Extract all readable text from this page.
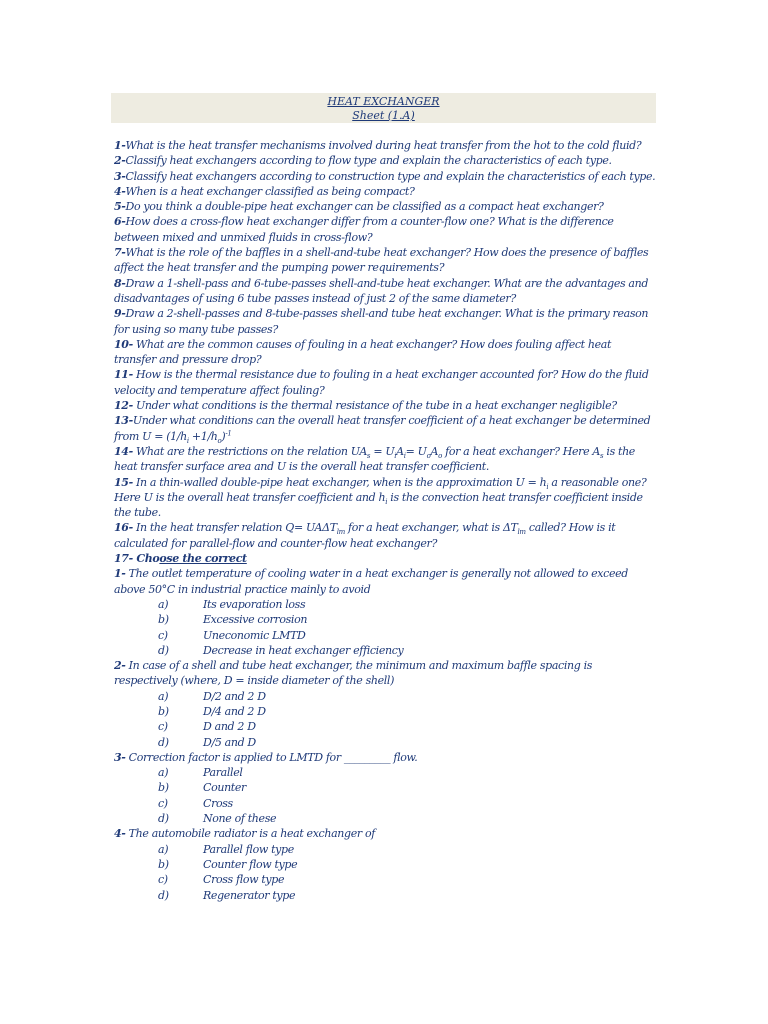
HEAT EXCHANGER
Sheet (1.A)

1-What is the heat transfer mechanisms involved during heat transfer from the hot to the cold fluid?

2-Classify heat exchangers according to flow type and explain the characteristics of each type.

3-Classify heat exchangers according to construction type and explain the characteristics of each type.

4-When is a heat exchanger classified as being compact?

5-Do you think a double-pipe heat exchanger can be classified as a compact heat exchanger?

6-How does a cross-flow heat exchanger differ from a counter-flow one? What is the difference between mixed and unmixed fluids in cross-flow?

7-What is the role of the baffles in a shell-and-tube heat exchanger? How does the presence of baffles affect the heat transfer and the pumping power requirements?

8-Draw a 1-shell-pass and 6-tube-passes shell-and-tube heat exchanger. What are the advantages and disadvantages of using 6 tube passes instead of just 2 of the same diameter?

9-Draw a 2-shell-passes and 8-tube-passes shell-and tube heat exchanger. What is the primary reason for using so many tube passes?

10- What are the common causes of fouling in a heat exchanger? How does fouling affect heat transfer and pressure drop?

11- How is the thermal resistance due to fouling in a heat exchanger accounted for? How do the fluid velocity and temperature affect fouling?

12- Under what conditions is the thermal resistance of the tube in a heat exchanger negligible?

13-Under what conditions can the overall heat transfer coefficient of a heat exchanger be determined from $U = (1/h_i +1/h_o)^{-1}$

14- What are the restrictions on the relation $UA_s = U_iA_i= U_oA_o$ for a heat exchanger? Here $A_s$ is the heat transfer surface area and U is the overall heat transfer coefficient.

15- In a thin-walled double-pipe heat exchanger, when is the approximation $U = h_i$ a reasonable one? Here U is the overall heat transfer coefficient and $h_i$ is the convection heat transfer coefficient inside the tube.

16- In the heat transfer relation $Q= UA\Delta T_{lm}$ for a heat exchanger, what is $\Delta T_{lm}$ called? How is it calculated for parallel-flow and counter-flow heat exchanger?

17- Choose the correct

1- The outlet temperature of cooling water in a heat exchanger is generally not allowed to exceed above 50°C in industrial practice mainly to avoid

a)	Its evaporation loss
b)	Excessive corrosion
c)	Uneconomic LMTD
d)	Decrease in heat exchanger efficiency

2- In case of a shell and tube heat exchanger, the minimum and maximum baffle spacing is respectively (where, D = inside diameter of the shell)

a)	D/2 and 2 D
b)	D/4 and 2 D
c)	D and 2 D
d)	D/5 and D

3- Correction factor is applied to LMTD for _________ flow.

a)	Parallel
b)	Counter
c)	Cross
d)	None of these

4- The automobile radiator is a heat exchanger of

a)	Parallel flow type
b)	Counter flow type
c)	Cross flow type
d)	Regenerator type
